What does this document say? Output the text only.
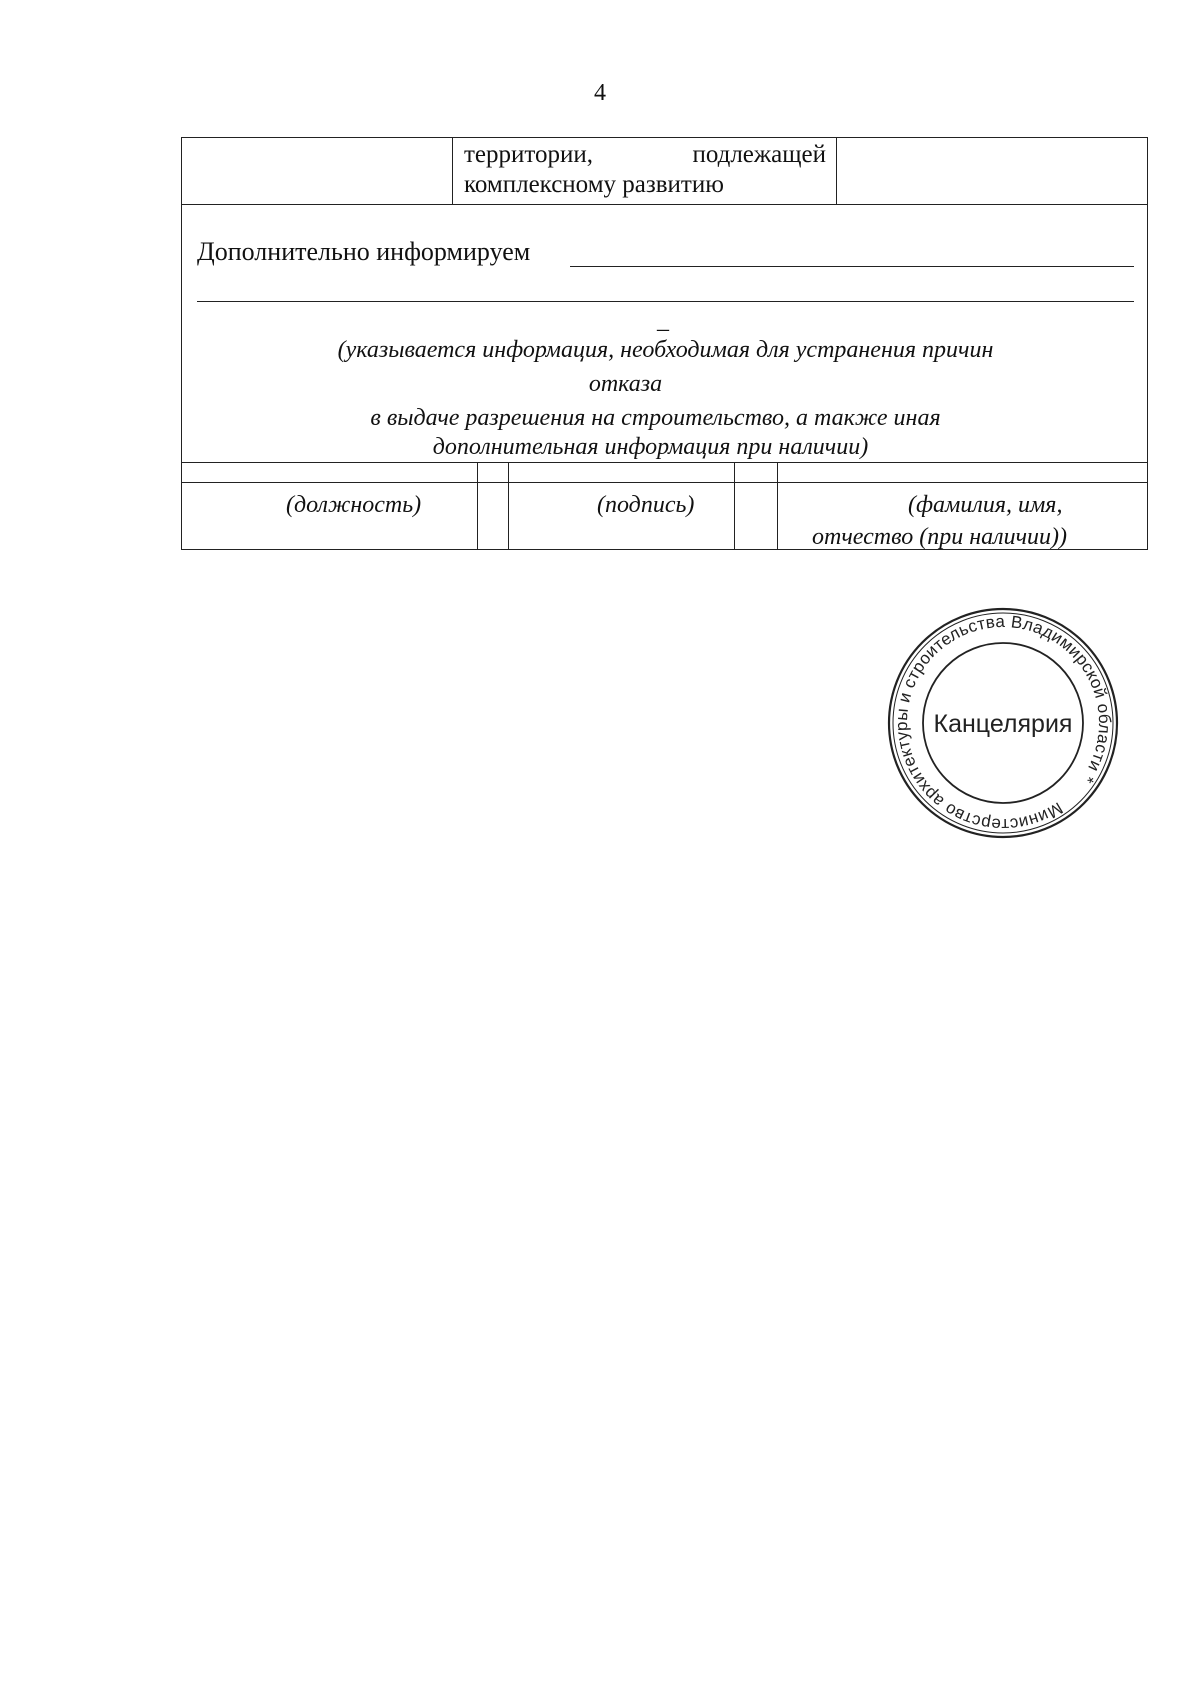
4
территории,	подлежащей
комплексному развитию
Дополнительно информируем
_
(указывается информация, необходимая для устранения причин
отказа
в выдаче разрешения на строительство, а также иная
дополнительная информация при наличии)
(должность)	(подпись)	(фамилия, имя,
отчество (при наличии))
Министерство архитектуры и строительства Владимирской области *
Канцелярия
